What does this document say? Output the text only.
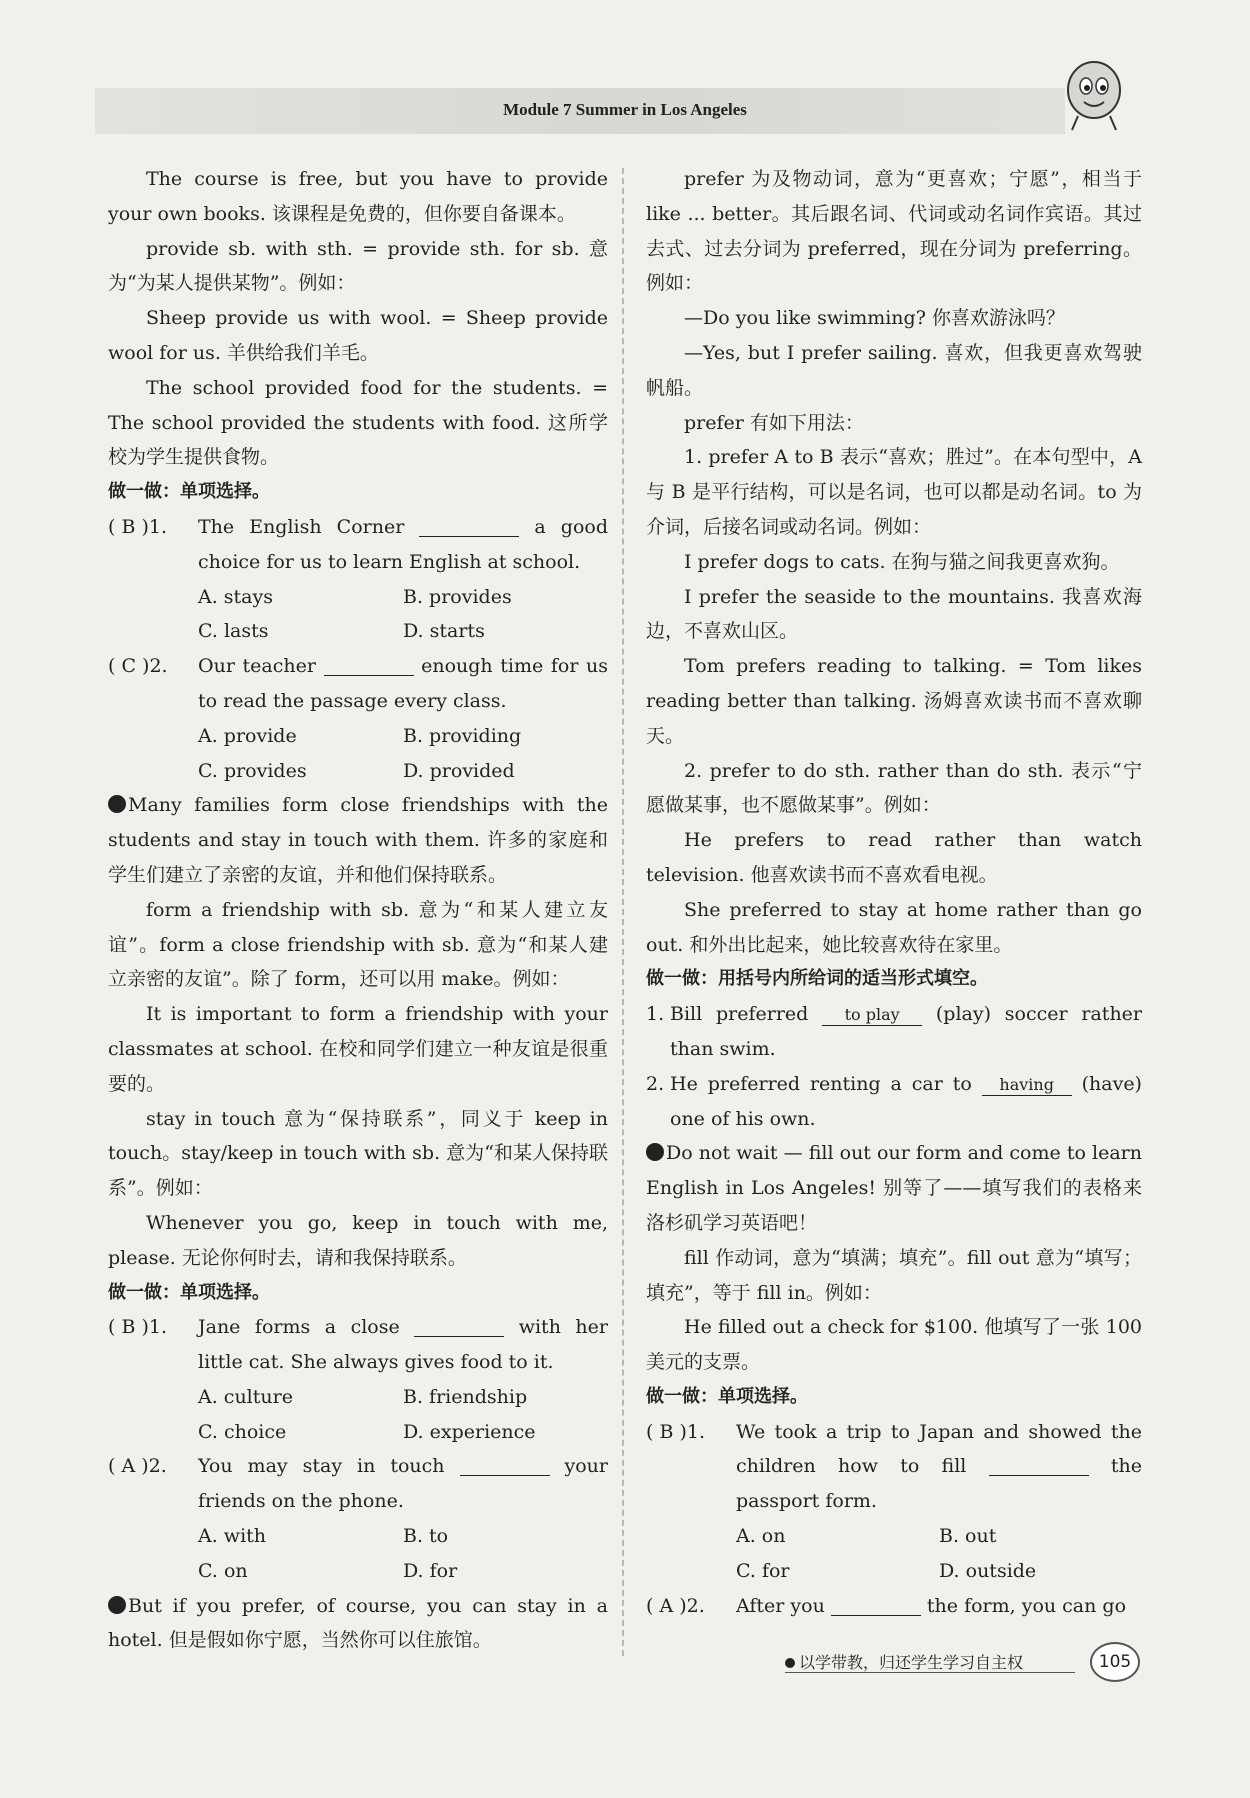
Module 7 Summer in Los Angeles

The course is free, but you have to provide your own books. 该课程是免费的，但你要自备课本。

provide sb. with sth. = provide sth. for sb. 意为“为某人提供某物”。例如：

Sheep provide us with wool. = Sheep provide wool for us. 羊供给我们羊毛。

The school provided food for the students. = The school provided the students with food. 这所学校为学生提供食物。

做一做：单项选择。

( B )1.	The English Corner	a good choice for us to learn English at school.
A. stays	B. provides
C. lasts	D. starts
( C )2.	Our teacher	enough time for us to read the passage every class.
A. provide	B. providing
C. provides	D. provided

Many families form close friendships with the students and stay in touch with them. 许多的家庭和学生们建立了亲密的友谊，并和他们保持联系。

form a friendship with sb. 意为“和某人建立友谊”。form a close friendship with sb. 意为“和某人建立亲密的友谊”。除了 form，还可以用 make。例如：

It is important to form a friendship with your classmates at school. 在校和同学们建立一种友谊是很重要的。

stay in touch 意为“保持联系”，同义于 keep in touch。stay/keep in touch with sb. 意为“和某人保持联系”。例如：

Whenever you go, keep in touch with me, please. 无论你何时去，请和我保持联系。

做一做：单项选择。

( B )1.	Jane forms a close	with her little cat. She always gives food to it.
A. culture	B. friendship
C. choice	D. experience
( A )2.	You may stay in touch	your friends on the phone.
A. with	B. to
C. on	D. for

But if you prefer, of course, you can stay in a hotel. 但是假如你宁愿，当然你可以住旅馆。

prefer 为及物动词，意为“更喜欢；宁愿”，相当于 like ... better。其后跟名词、代词或动名词作宾语。其过去式、过去分词为 preferred，现在分词为 preferring。例如：

—Do you like swimming? 你喜欢游泳吗？

—Yes, but I prefer sailing. 喜欢，但我更喜欢驾驶帆船。

prefer 有如下用法：

1. prefer A to B 表示“喜欢；胜过”。在本句型中，A 与 B 是平行结构，可以是名词，也可以都是动名词。to 为介词，后接名词或动名词。例如：

I prefer dogs to cats. 在狗与猫之间我更喜欢狗。

I prefer the seaside to the mountains. 我喜欢海边，不喜欢山区。

Tom prefers reading to talking. = Tom likes reading better than talking. 汤姆喜欢读书而不喜欢聊天。

2. prefer to do sth. rather than do sth. 表示“宁愿做某事，也不愿做某事”。例如：

He prefers to read rather than watch television. 他喜欢读书而不喜欢看电视。

She preferred to stay at home rather than go out. 和外出比起来，她比较喜欢待在家里。

做一做：用括号内所给词的适当形式填空。

1. Bill preferred to play (play) soccer rather than swim.
2. He preferred renting a car to having (have) one of his own.

Do not wait — fill out our form and come to learn English in Los Angeles! 别等了——填写我们的表格来洛杉矶学习英语吧！

fill 作动词，意为“填满；填充”。fill out 意为“填写；填充”，等于 fill in。例如：

He filled out a check for $100. 他填写了一张 100 美元的支票。

做一做：单项选择。

( B )1.	We took a trip to Japan and showed the children how to fill	the passport form.
A. on	B. out
C. for	D. outside
( A )2.	After you	the form, you can go
以学带教，归还学生学习自主权	105
